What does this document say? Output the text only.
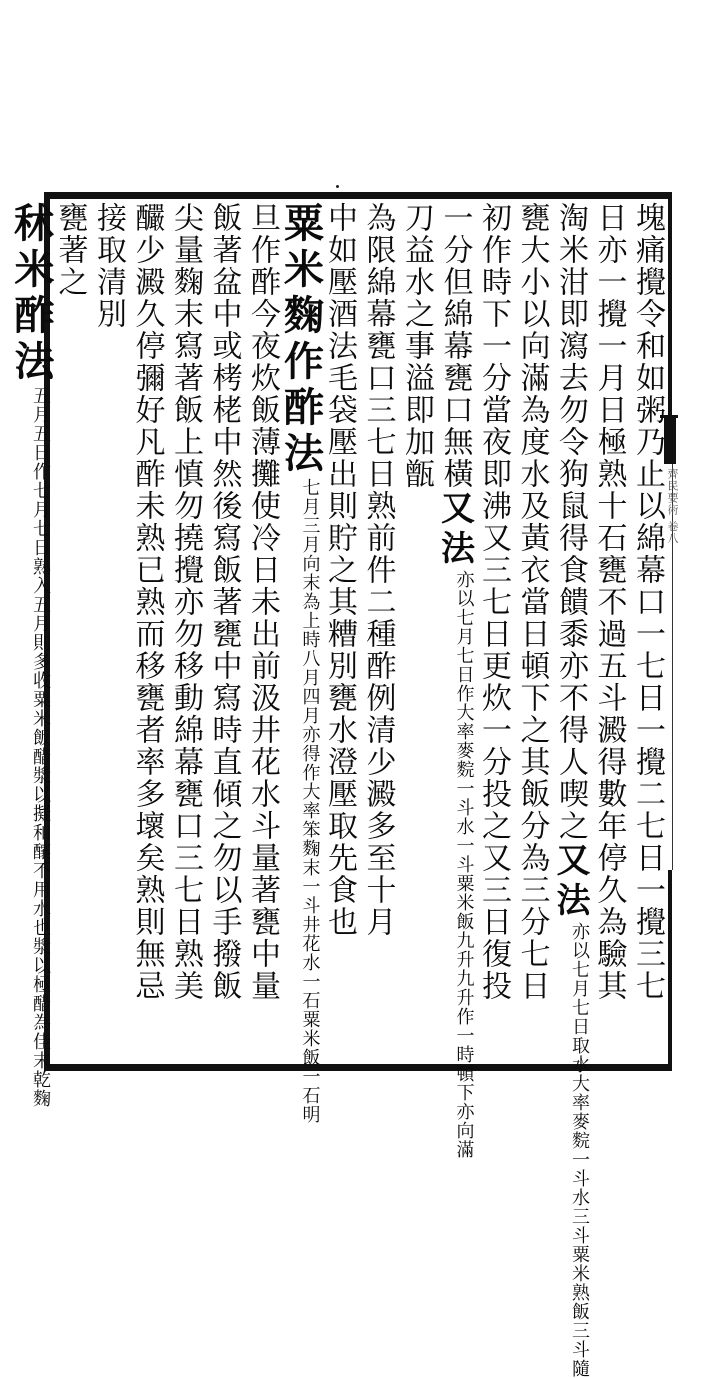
齊民要術 卷八
塊痛攪令和如粥乃止以綿幕口一七日一攪二七日一攪三七
日亦一攪一月日極熟十石甕不過五斗澱得數年停久為驗其
淘米泔即瀉去勿令狗鼠得食饋黍亦不得人喫之又法亦以七月七日取水大率麥䴷一斗水三斗粟米熟飯三斗隨
甕大小以向滿為度水及黃衣當日頓下之其飯分為三分七日
初作時下一分當夜即沸又三七日更炊一分投之又三日復投
一分但綿幕甕口無橫又法亦以七月七日作大率麥䴷一斗水一斗粟米飯九升九升作一時頓下亦向滿
刀益水之事溢即加甑
為限綿幕甕口三七日熟前件二種酢例清少澱多至十月
中如壓酒法毛袋壓出則貯之其糟別甕水澄壓取先食也
粟米麴作酢法七月三月向末為上時八月四月亦得作大率笨麴末一斗井花水一石粟米飯一石明
旦作酢今夜炊飯薄攤使冷日未出前汲井花水斗量著甕中量
飯著盆中或栲栳中然後寫飯著甕中寫時直傾之勿以手撥飯
尖量麴末寫著飯上慎勿撓攪亦勿移動綿幕甕口三七日熟美
釅少澱久停彌好凡酢未熟已熟而移甕者率多壞矣熟則無忌
接取清別
甕著之
秫米酢法五月五日作七月七日熟入五月則多收粟米飯醋漿以擬和釀不用水也漿以極醋為佳末乾麴
